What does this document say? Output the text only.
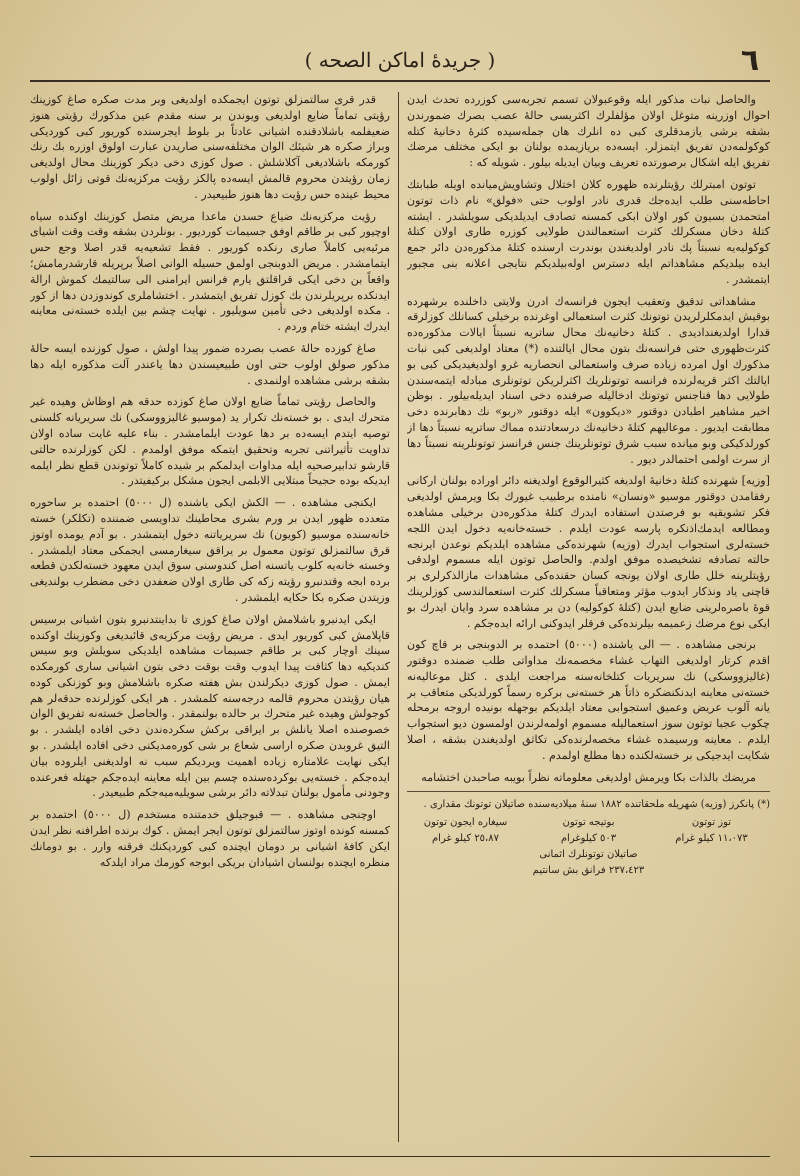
٦
( جريدهٔ اماكن الصحه )

والحاصل نبات مذكور ايله وقوعبولان تسمم تجربه‌سی كوزرده تحدث ايدن احوال اوزرينه متوغل اولان مؤلفلرك اكثريسی حاله‌ٔ عصب بصرك ضمورندن بشقه برشی يازمدقلری كبی ده انلرك هان جمله‌سيده كثرهٔ دخانيهٔ كتله كوكولمه‌دن تفريق ايتمزلر. ايسه‌ده بريازيمده بولنان بو ايكی مختلف مرضك تفريق ايله اشكال برصورتده تعريف وبيان ايديله بيلور . شويله كه :

توتون امبترلك رؤيتلرنده ظهوره كلان اختلال وتشاويش‌ميانده اويله طبابتك احاطه‌سنی طلب ايده‌جك قدری نادر اولوب حتی «فولق» نام ذات توتون امتحمدن بسيون كور اولان ابكی كمسنه تصادف ايديلديكی سويلشدر . ايشته كتلهٔ دخان مسكرلك كثرت استعمالندن طولايی كوزره طاری اولان كتلهٔ كوكوليه‌يه نسبتاً پك نادر اولديغندن بوندرت ارسنده كتلهٔ مذكوره‌دن دائر جمع ايده بيلديكم مشاهداتم ايله دسترس اوله‌بيلديكم نتايجی اعلانه بنی مجبور ايتمشدر .

مشاهداتی تدقيق وتعقيب ايجون فرانسه‌ك ادرن ولايتی داخلنده برشهرده بوقيش ايدمكلرلريدن توتونك كثرت استعمالی اوغرنده برخيلی كسانلك كوزلرقه قدارا اولديغنداديدی . كتلهٔ دخانيه‌نك محال ساتريه نسبتاً ايالات مذكوره‌ده كثرت‌ظهوری حتی فرانسه‌نك بتون محال ايالتنده (*) معتاد اولديغی كبی نبات مذكورك اول امرده زياده صرف واستعمالی انحصاريه غرو اولديغيديكی كبی بو ايالتك اكثر قريه‌لرنده فرانسه توتونلريك اكثرلريكن توتونلری مبادله ايتمه‌سندن طولايی دها فناجنس توتونك ادخاليله صرفنده دخی اسناد ايديله‌بيلور . بوظن اخير مشاهير اطبادن دوقتور «ديكوون» ايله دوقتور «ربو» نك دهابرنده دخی مطابقت ايديور . موعاليهم كتلهٔ دخانيه‌نك درسعادتنده مماك ساتريه نسبتاً دها از كورلدكيكی وبو ميانده سبب شرق توتونلرينك جنس فرانسز توتونلرينه نسبتاً دها از سرت اولمی احتمالدر ديور .

[وزيه] شهرنده كتلهٔ دخانيهٔ اولديغه كثيرالوقوع اولديغنه دائر اوراده بولنان اركانی رفقامدن دوقتور موسيو «ونسان» نامنده برطبيب غيورك بكا ويرمش اولديغی فكر تشويقيه بو فرصتدن استفاده ايدرك كتلهٔ مذكوره‌دن برخيلی مشاهده ومطالعه ايدمك‌اذنكره پارسه عودت ايلدم . خسته‌خانه‌يه دخول ايدن اللجه خسته‌لری استجواب ايدرك (وزيه) شهرنده‌كی مشاهده ايلديكم نوعدن ايرنجه حالته تصادفه تشخيصده موفق اولدم. والحاصل توتون ايله مسموم اولدقی رؤيتلرينه خلل طاری اولان يونجه كسان حقنده‌كی مشاهدات مازالذكرلری بر قاچنی ياد ونذكار ايدوب مؤثر ومتعاقباً مسكرلك كثرت استعمالندسی كوزلرينك قوه‌ٔ باصره‌لرينی ضايع ايدن (كتلهٔ كوكوليه) دن بر مشاهده سرد وايان ايدرك بو ايكی نوع مرضك زعميمه بيلرنده‌كی فرقلر ايدوكنی ارائه ايده‌جكم .

برنجی مشاهده . — الی ياشنده (٥٠٠٠) احتمده بر الدوبنجی بر قاچ كون اقدم كرتار اولديغی التهاب غشاء مخصمه‌نك مداواتی طلب ضمنده دوقتور (غاليزووسكی) نك سريريات كتلخانه‌سنه مراجعت ايلدی . كثل موعاليه‌نه خسته‌نی معاينه ايدنكنضكره ذاتاً هر خسته‌نی بركره رسماً كورلديكی متعاقب بر يانه آلوب عريض وعميق استجوابی معتاد ايلديكم بوجهله بونيده اروجه برمحله چكوب عجبا توتون سوز استعماليله مسموم اولمه‌لرندن اولمسون ديو استجواب ايلدم . معاينه ورسيمده غشاء مخصه‌لرنده‌كی تكاثق اولديغندن بشقه ، اصلا شكايت ايدجيكی بر خسته‌لكنده دها مطلع اولمدم .

مريضك بالذات بكا ويرمش اولديغی معلوماته نظراً بويبه صاحبدن اختشامه

(*) پانكرز (وزيه) شهريله ملحقاتنده ١٨٨٢ سنهٔ ميلاديه‌سنده صاتيلان توتونك مقداری .

توز توتون
١١،٠٧٣ كيلو غرام
بوتيجه توتون
٥٠٣ كيلوغرام
صاتيلان توتونلرك اثمانی
٢٣٧،٤٢٣ فرانق بش سانتيم
سيغاره ايجون توتون
٢٥،٨٧ كيلو غرام

قدر قری سالتمزلق توتون ايجمكده اولديغی وبر مدت صكره صاغ كوزينك رؤيتی تماماً ضايع اولديغی ويوندن بر سنه مقدم عين مذكورك رؤيتی هنوز ضعيفلمه باشلادقنده اشيانی عادتاً بر بلوط ايجرسنده كوريور كبی كورديكی وبراز صكره هر شيئك الوان مختلفه‌سنی صاريدن عبارت اولوق اوزره بك رنك كورمكه باشلاديغی آكلاشلش . صول كوزی دخی ديكر كوزينك محال اولديغی زمان رؤيتدن محروم قالمش ايسه‌ده پالكز رؤيت مركزيه‌نك قوتی زائل اولوب محيط عينده حس رؤيت دها هنوز طبيعيدر .

رؤيت مركزيه‌نك ضياع حسدن ماعدا مريض متصل كوزينك اوكنده سياه اوچيور كبی بر طاقم اوفق جسيمات كورديور . بونلردن بشقه وقت وقت اشيای مرئيه‌يی كاملاً صاری رنكده كوريور . فقط تشعيه‌يه قدر اصلا وجع حس ايتمامشدر . مريض الدوبنجی اولمق حسيله الوانی اصلاً برپريله قارشدرمامش؛ واقعاً بن دخی ايكی قراقلتق يارم فرانس ايرامنی الی سالتيمك كموش ارالة ايدنكده برپريلرندن بك كوزل تفريق ايتمشدر . اختشاملری كوندوزدن دها از كور . مكده اولديغی دخی تأمين سويليور . نهايت چشم بين ايلده خسته‌نی معاينه ايدرك ايشته ختام وردم .

صاغ كوزده حاله‌ٔ عصب بصرده ضمور پيدا اولش ، صول كوزنده ايسه حاله‌ٔ مذكور صولق اولوب حتی اون طبيعيسندن دها ياعندر آلت مذكوره ايله دها بشقه برشی مشاهده اولنمدی .

والحاصل رؤيتی تماماً ضايع اولان صاغ كوزده حدقه هم اوظاش وهيده غير متحرك ايدی . بو خسته‌نك تكرار يد (موسيو غاليزووسكی) نك سريريانه كلسنی توصيه ايتدم ايسه‌ده بر دها عودت ايلمامشدر . بناء عليه غايت ساده اولان تداويت تأثيراتنی تجربه وتحقيق ايتمكه موفق اولمدم . لكن كوزلرنده حالتی قارشو تدابيرصحيه ايله مداوات ايدلمكم بر شيده كاملاً توتوندن قطع نظر ايلمه ايديكه بوده حجيحاً مبتلايی الابلمی ايجون مشكل بركيفيتدر .

ايكنجی مشاهده . — الكش ايكی ياشنده (ل ٥٠٠٠) احتمده بر ساحوره متعدده ظهور ايدن بر ورم بشری محاطينك تداويسی ضمننده (تكلكر) خسته خانه‌سنده موسيو (كويون) نك سريرياتنه دخول ايتمشدر . بو آدم يومده اوتوز قرق سالتمزلق توتون معمول بر يراقق سيغارمسی ايجمكی معتاد ايلمشدر . وخسته خانه‌يه كلوب ياتسنه اصل كندوسنی سوق ايدن معهود خسته‌لكدن قطعه برده ابجه وقتدنبرو رؤيته زكه كی طاری اولان ضعفدن دخی مضطرب بولنديغی وزيتدن صكره بكا حكايه ايلمشدر .

ايكی ايدنبرو باشلامش اولان صاغ كوزی تا بداينتدنبرو بتون اشيانی برسيس قاپلامش كبی كوريور ايدی . مريض رؤيت مركزيه‌ی قائبديغی وكوزينك اوكنده سينك اوچار كبی بر طاقم جسيمات مشاهده ايلديكی سويلش وبو سيس كنديكيه دها كثافت پيدا ايدوب وقت بوقت دخی بتون اشيانی ساری كورمكده ايمش . صول كوزی ديكرلندن بش هفته صكره باشلامش وبو كوزنكی كوده هيان رؤيتدن محروم قالمه درجه‌سنه كلمشدر . هر ايكی كوزلرنده حدقه‌لر هم كوجولش وهيده غير متحرك بر حالده بولنمقدر . والحاصل خسته‌نه تفريق الوان خصوصنده اصلا يانلش بر ايراقی بركش سكرده‌ندن دخی افاده ايلشدر . بو التيق غروبدن صكره اراسی شعاع بر شی كوره‌مديكنی دخی افاده ايلشدر . بو ايكی نهايت علامتاره زياده اهميت ويرديكم سبب نه اولديغنی ايلروده بيان ايده‌جكم . خسته‌يی بوكرده‌سنده چسم بين ايله معاينه ايده‌جكم جهتله فعرعنده وجودنی مأمول بولنان تبدلاته دائر برشی سويليه‌ميه‌جكم طبيعيدر .

اوچنجی مشاهده . — قبوجيلق خدمتنده مستخدم (ل ٥٠٠٠) احتمده بر كمسنه كونده اوتوز سالتمزلق توتون ايجر ايمش . كوك برنده اطرافنه نظر ايدن ايكن كافهٔ اشيانی بر دومان ايچنده كبی كورديكنك فرقنه وارر . بو دومانك منظره ايچنده بولنسان اشيادان بريكی ابوجه كورمك مراد ايلدكه
